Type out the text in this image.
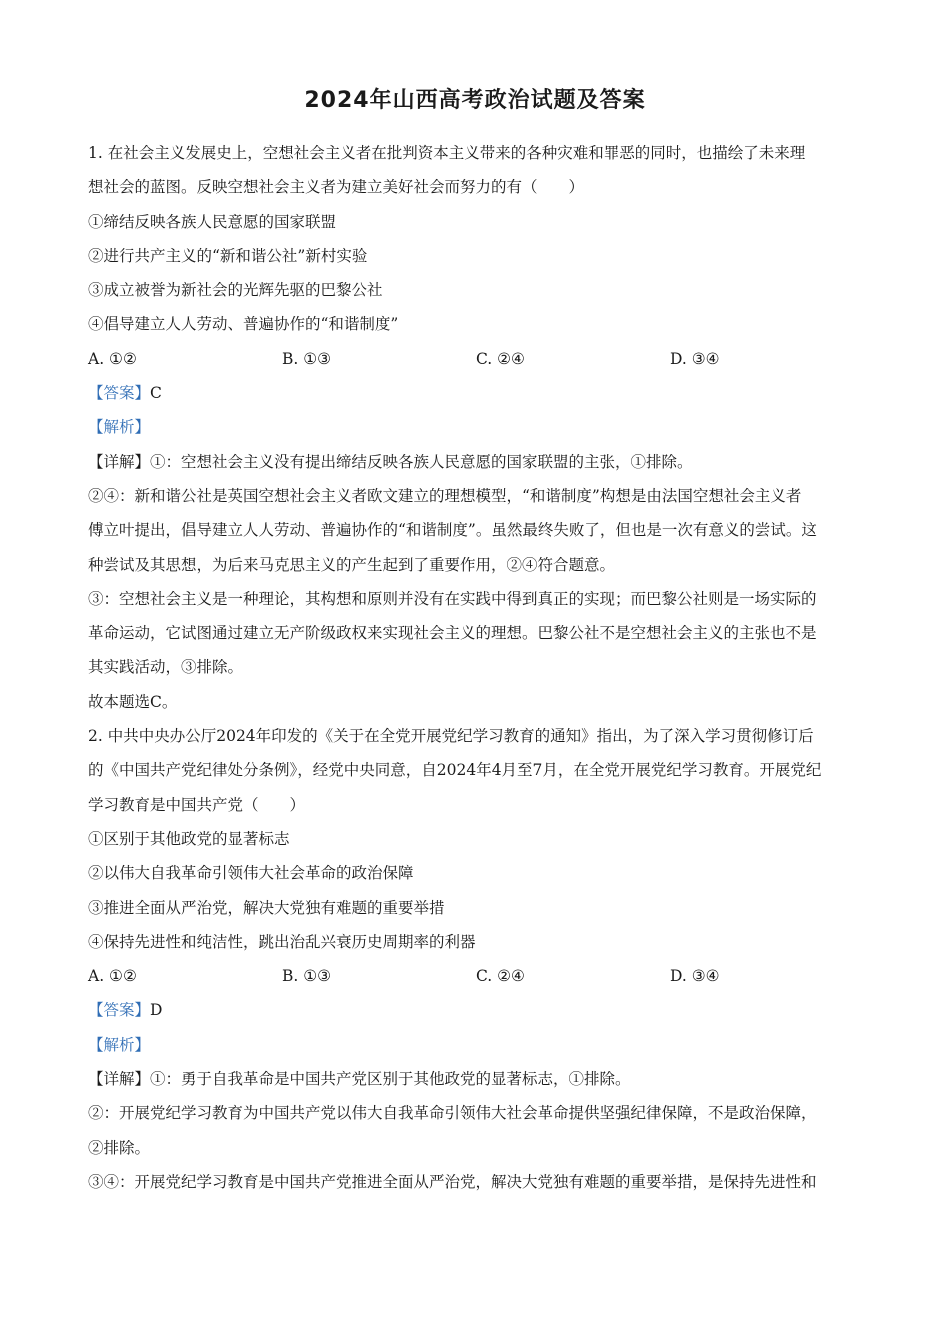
2024年山西高考政治试题及答案
1. 在社会主义发展史上，空想社会主义者在批判资本主义带来的各种灾难和罪恶的同时，也描绘了未来理
想社会的蓝图。反映空想社会主义者为建立美好社会而努力的有（　　）
①缔结反映各族人民意愿的国家联盟
②进行共产主义的“新和谐公社”新村实验
③成立被誉为新社会的光辉先驱的巴黎公社
④倡导建立人人劳动、普遍协作的“和谐制度”
A. ①②	B. ①③	C. ②④	D. ③④
【答案】C
【解析】
【详解】①：空想社会主义没有提出缔结反映各族人民意愿的国家联盟的主张，①排除。
②④：新和谐公社是英国空想社会主义者欧文建立的理想模型，“和谐制度”构想是由法国空想社会主义者
傅立叶提出，倡导建立人人劳动、普遍协作的“和谐制度”。虽然最终失败了，但也是一次有意义的尝试。这
种尝试及其思想，为后来马克思主义的产生起到了重要作用，②④符合题意。
③：空想社会主义是一种理论，其构想和原则并没有在实践中得到真正的实现；而巴黎公社则是一场实际的
革命运动，它试图通过建立无产阶级政权来实现社会主义的理想。巴黎公社不是空想社会主义的主张也不是
其实践活动，③排除。
故本题选C。
2. 中共中央办公厅2024年印发的《关于在全党开展党纪学习教育的通知》指出，为了深入学习贯彻修订后
的《中国共产党纪律处分条例》，经党中央同意，自2024年4月至7月，在全党开展党纪学习教育。开展党纪
学习教育是中国共产党（　　）
①区别于其他政党的显著标志
②以伟大自我革命引领伟大社会革命的政治保障
③推进全面从严治党，解决大党独有难题的重要举措
④保持先进性和纯洁性，跳出治乱兴衰历史周期率的利器
A. ①②	B. ①③	C. ②④	D. ③④
【答案】D
【解析】
【详解】①：勇于自我革命是中国共产党区别于其他政党的显著标志，①排除。
②：开展党纪学习教育为中国共产党以伟大自我革命引领伟大社会革命提供坚强纪律保障，不是政治保障，
②排除。
③④：开展党纪学习教育是中国共产党推进全面从严治党，解决大党独有难题的重要举措，是保持先进性和
